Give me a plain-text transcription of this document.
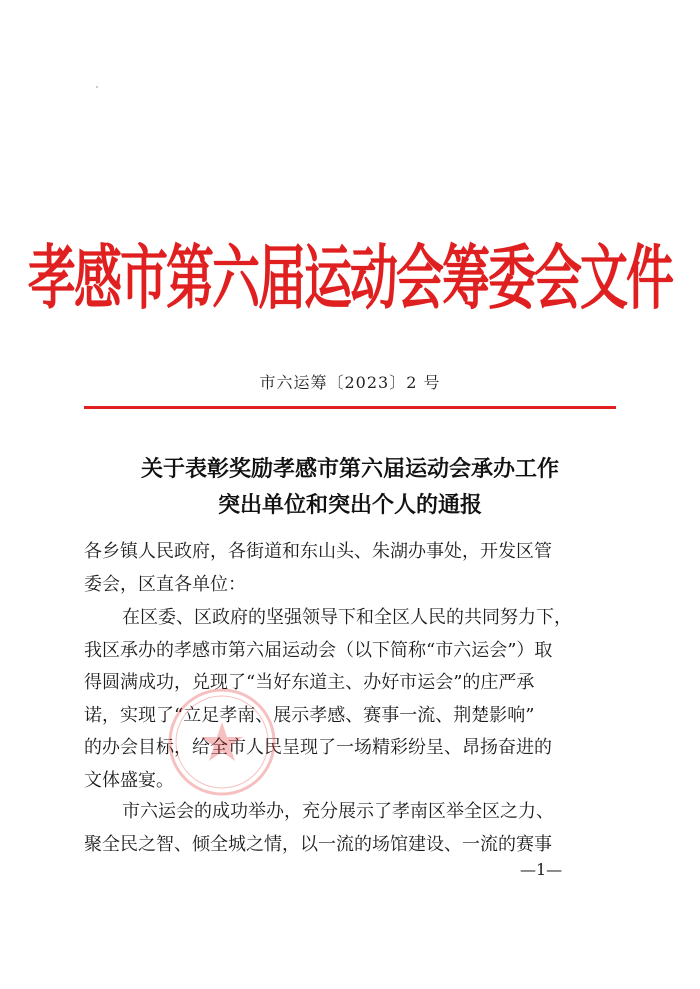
孝感市第六届运动会筹委会文件
市六运筹〔2023〕2 号
关于表彰奖励孝感市第六届运动会承办工作
突出单位和突出个人的通报
各乡镇人民政府，各街道和东山头、朱湖办事处，开发区管
委会，区直各单位：
在区委、区政府的坚强领导下和全区人民的共同努力下，
我区承办的孝感市第六届运动会（以下简称“市六运会”）取
得圆满成功，兑现了“当好东道主、办好市运会”的庄严承
诺，实现了“立足孝南、展示孝感、赛事一流、荆楚影响”
的办会目标，给全市人民呈现了一场精彩纷呈、昂扬奋进的
文体盛宴。
市六运会的成功举办，充分展示了孝南区举全区之力、
聚全民之智、倾全城之情，以一流的场馆建设、一流的赛事
—1—
